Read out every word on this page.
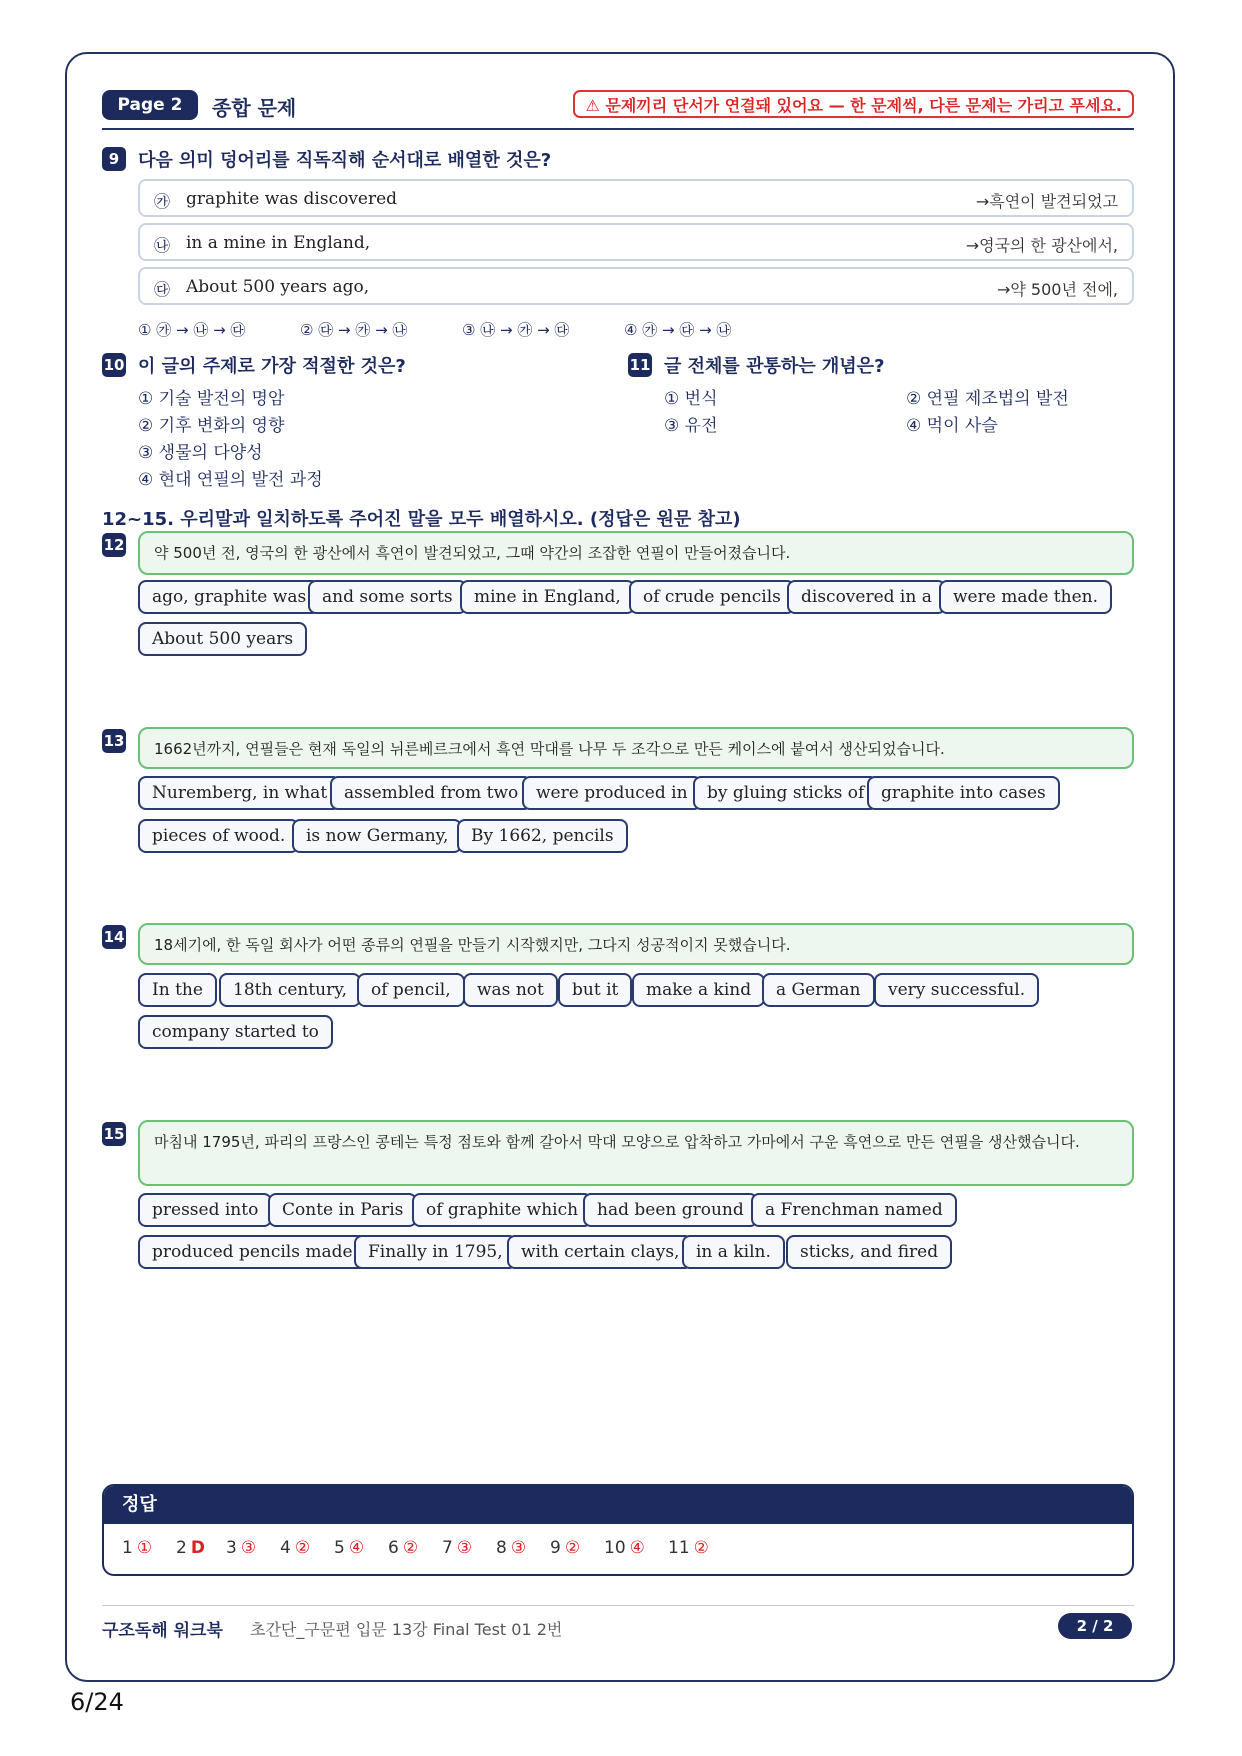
Page 2	종합 문제	⚠ 문제끼리 단서가 연결돼 있어요 — 한 문제씩, 다른 문제는 가리고 푸세요.
9	다음 의미 덩어리를 직독직해 순서대로 배열한 것은?
㉮ graphite was discovered	→흑연이 발견되었고
㉯ in a mine in England,	→영국의 한 광산에서,
㉰ About 500 years ago,	→약 500년 전에,
① ㉮ → ㉯ → ㉰	② ㉰ → ㉮ → ㉯	③ ㉯ → ㉮ → ㉰	④ ㉮ → ㉰ → ㉯
10 이 글의 주제로 가장 적절한 것은?
① 기술 발전의 명암
② 기후 변화의 영향
③ 생물의 다양성
④ 현대 연필의 발전 과정
11 글 전체를 관통하는 개념은?
① 번식	② 연필 제조법의 발전
③ 유전	④ 먹이 사슬
12~15. 우리말과 일치하도록 주어진 말을 모두 배열하시오. (정답은 원문 참고)
12	약 500년 전, 영국의 한 광산에서 흑연이 발견되었고, 그때 약간의 조잡한 연필이 만들어졌습니다.
ago, graphite was and some sorts	mine in England,	of crude pencils	discovered in a	were made then.
About 500 years
13	1662년까지, 연필들은 현재 독일의 뉘른베르크에서 흑연 막대를 나무 두 조각으로 만든 케이스에 붙여서 생산되었습니다.
Nuremberg, in what assembled from two	were produced in	by gluing sticks of graphite into cases
pieces of wood.	is now Germany,	By 1662, pencils
14	18세기에, 한 독일 회사가 어떤 종류의 연필을 만들기 시작했지만, 그다지 성공적이지 못했습니다.
In the	18th century,	of pencil,	was not	but it	make a kind	a German	very successful.
company started to
15	마침내 1795년, 파리의 프랑스인 콩테는 특정 점토와 함께 갈아서 막대 모양으로 압착하고 가마에서 구운 흑연으로 만든 연필을 생산했습니다.
pressed into	Conte in Paris	of graphite which	had been ground	a Frenchman named
produced pencils made Finally in 1795,	with certain clays, in a kiln.	sticks, and fired
정답
1 ① 2 D 3 ③ 4 ② 5 ④ 6 ② 7 ③ 8 ③ 9 ② 10 ④ 11 ②
구조독해 워크북 초간단_구문편 입문 13강 Final Test 01 2번	2 / 2
6/24
